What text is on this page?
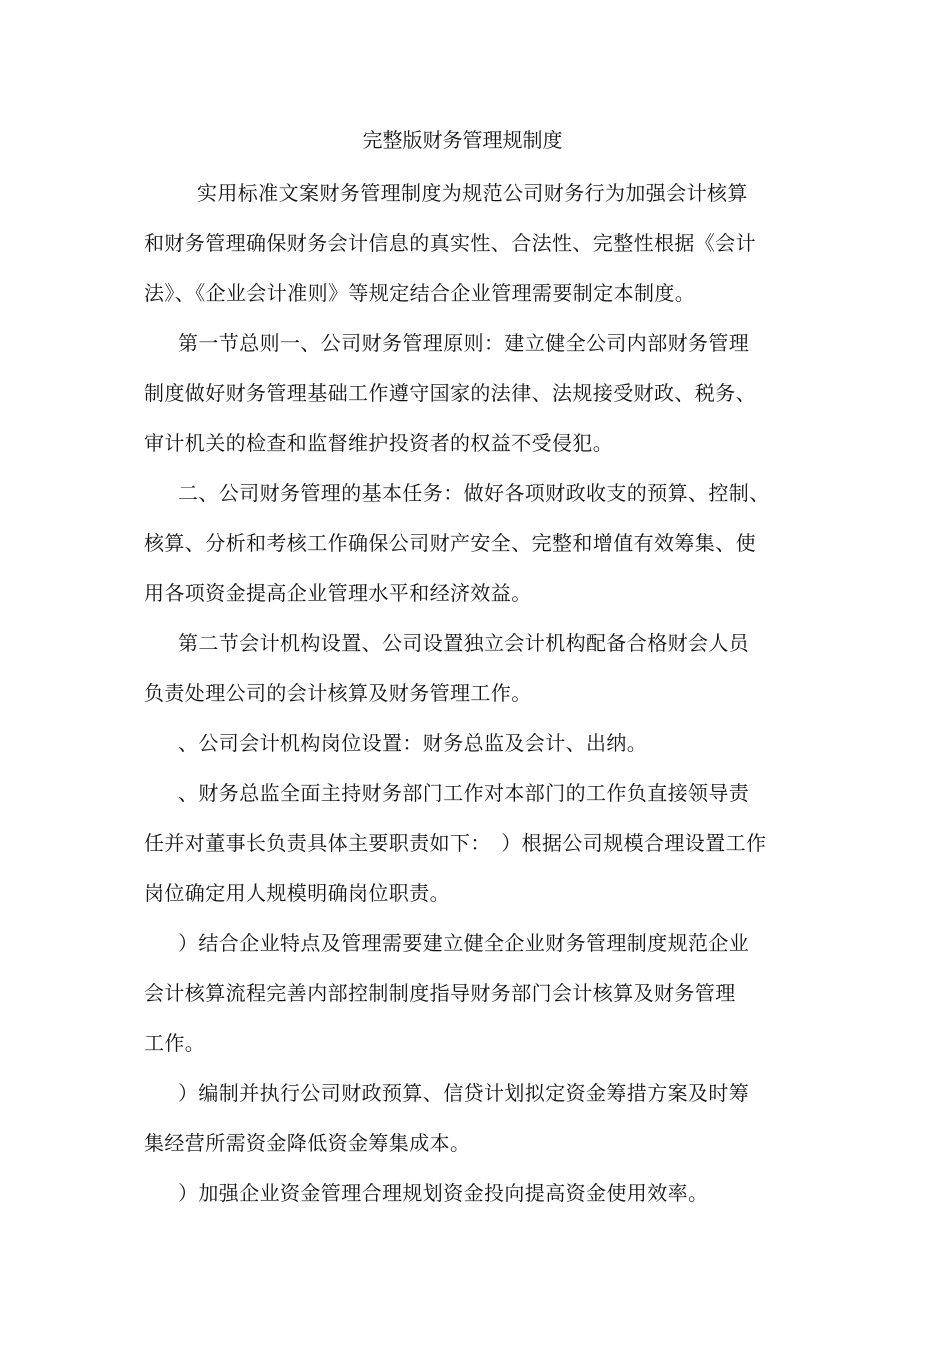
完整版财务管理规制度
实用标准文案财务管理制度为规范公司财务行为加强会计核算
和财务管理确保财务会计信息的真实性、合法性、完整性根据《会计
法》、《企业会计准则》等规定结合企业管理需要制定本制度。
第一节总则一、公司财务管理原则：建立健全公司内部财务管理
制度做好财务管理基础工作遵守国家的法律、法规接受财政、税务、
审计机关的检查和监督维护投资者的权益不受侵犯。
二、公司财务管理的基本任务：做好各项财政收支的预算、控制、
核算、分析和考核工作确保公司财产安全、完整和增值有效筹集、使
用各项资金提高企业管理水平和经济效益。
第二节会计机构设置、公司设置独立会计机构配备合格财会人员
负责处理公司的会计核算及财务管理工作。
、公司会计机构岗位设置：财务总监及会计、出纳。
、财务总监全面主持财务部门工作对本部门的工作负直接领导责
任并对董事长负责具体主要职责如下：　）根据公司规模合理设置工作
岗位确定用人规模明确岗位职责。
）结合企业特点及管理需要建立健全企业财务管理制度规范企业
会计核算流程完善内部控制制度指导财务部门会计核算及财务管理
工作。
）编制并执行公司财政预算、信贷计划拟定资金筹措方案及时筹
集经营所需资金降低资金筹集成本。
）加强企业资金管理合理规划资金投向提高资金使用效率。
